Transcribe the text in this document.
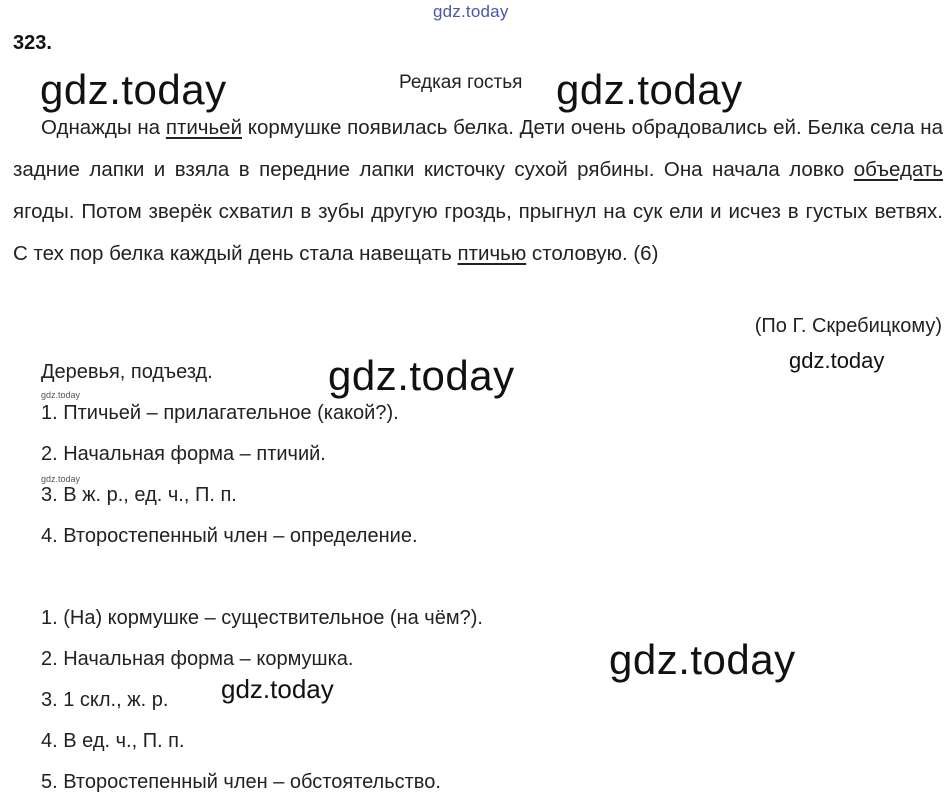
gdz.today
323.
gdz.today	gdz.today
Редкая гостья
Однажды на птичьей кормушке появилась белка. Дети очень обрадовались ей. Белка села на задние лапки и взяла в передние лапки кисточку сухой рябины. Она начала ловко объедать ягоды. Потом зверёк схватил в зубы другую гроздь, прыгнул на сук ели и исчез в густых ветвях. С тех пор белка каждый день стала навещать птичью столовую. (6)
(По Г. Скребицкому)
gdz.today
Деревья, подъезд.	gdz.today
gdz.today
1. Птичьей – прилагательное (какой?).
2. Начальная форма – птичий.
gdz.today
3. В ж. р., ед. ч., П. п.
4. Второстепенный член – определение.
1. (На) кормушке – существительное (на чём?).
2. Начальная форма – кормушка.	gdz.today
3. 1 скл., ж. р. gdz.today
4. В ед. ч., П. п.
5. Второстепенный член – обстоятельство.
